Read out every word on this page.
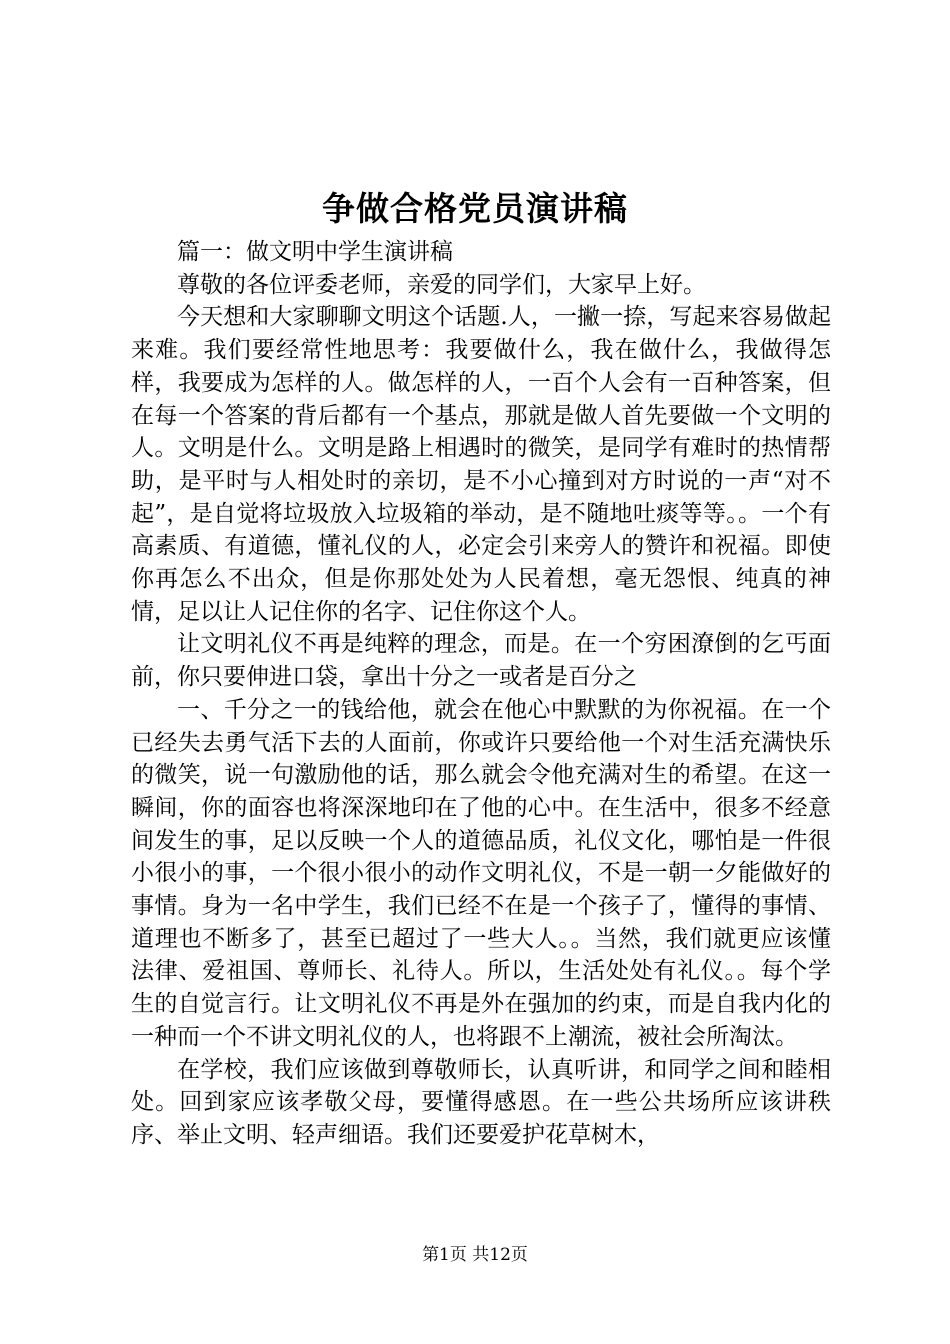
争做合格党员演讲稿

篇一：做文明中学生演讲稿

尊敬的各位评委老师，亲爱的同学们，大家早上好。

今天想和大家聊聊文明这个话题.人，一撇一捺，写起来容易做起来难。我们要经常性地思考：我要做什么，我在做什么，我做得怎样，我要成为怎样的人。做怎样的人，一百个人会有一百种答案，但在每一个答案的背后都有一个基点，那就是做人首先要做一个文明的人。文明是什么。文明是路上相遇时的微笑，是同学有难时的热情帮助，是平时与人相处时的亲切，是不小心撞到对方时说的一声“对不起”，是自觉将垃圾放入垃圾箱的举动，是不随地吐痰等等。。一个有高素质、有道德，懂礼仪的人，必定会引来旁人的赞许和祝福。即使你再怎么不出众，但是你那处处为人民着想，毫无怨恨、纯真的神情，足以让人记住你的名字、记住你这个人。

让文明礼仪不再是纯粹的理念，而是。在一个穷困潦倒的乞丐面前，你只要伸进口袋，拿出十分之一或者是百分之

一、千分之一的钱给他，就会在他心中默默的为你祝福。在一个已经失去勇气活下去的人面前，你或许只要给他一个对生活充满快乐的微笑，说一句激励他的话，那么就会令他充满对生的希望。在这一瞬间，你的面容也将深深地印在了他的心中。在生活中，很多不经意间发生的事，足以反映一个人的道德品质，礼仪文化，哪怕是一件很小很小的事，一个很小很小的动作文明礼仪，不是一朝一夕能做好的事情。身为一名中学生，我们已经不在是一个孩子了，懂得的事情、道理也不断多了，甚至已超过了一些大人。。当然，我们就更应该懂法律、爱祖国、尊师长、礼待人。所以，生活处处有礼仪。。每个学生的自觉言行。让文明礼仪不再是外在强加的约束，而是自我内化的一种而一个不讲文明礼仪的人，也将跟不上潮流，被社会所淘汰。

在学校，我们应该做到尊敬师长，认真听讲，和同学之间和睦相处。回到家应该孝敬父母，要懂得感恩。在一些公共场所应该讲秩序、举止文明、轻声细语。我们还要爱护花草树木，

第1页 共12页
